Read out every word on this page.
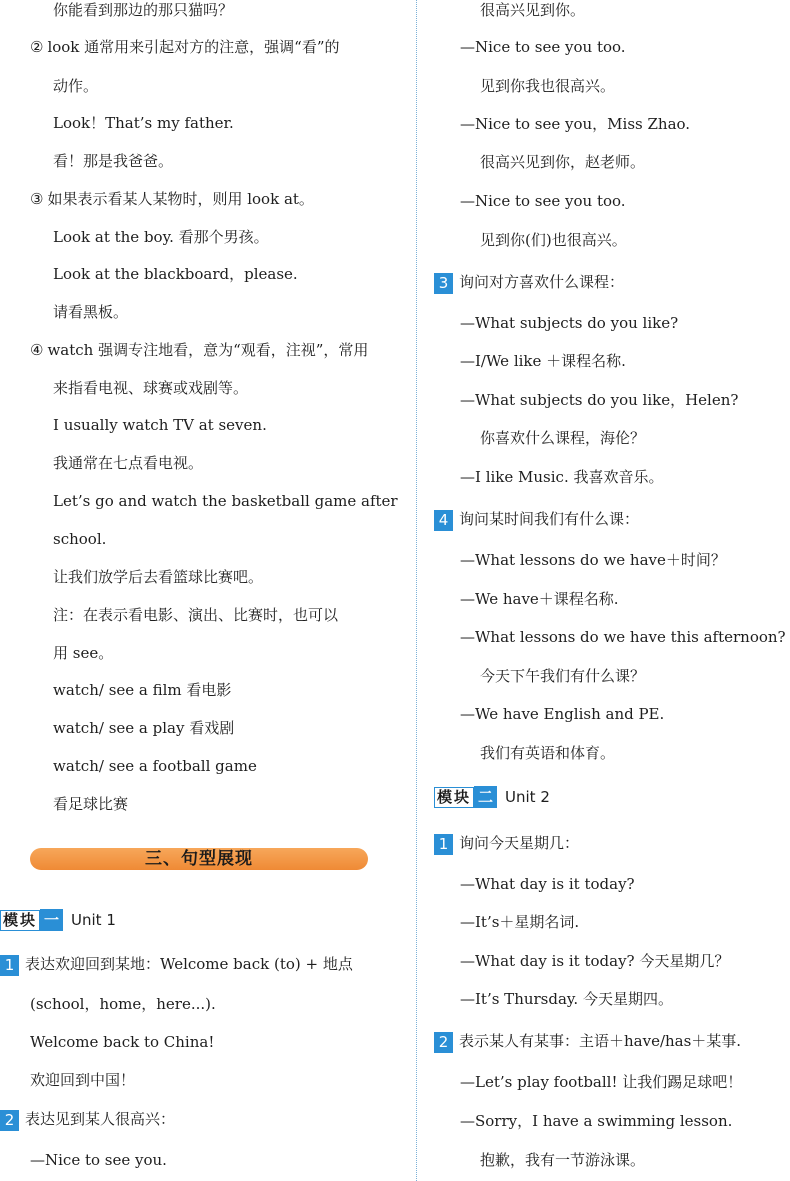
你能看到那边的那只猫吗？
② look 通常用来引起对方的注意，强调“看”的
动作。
Look！That’s my father.
看！那是我爸爸。
③ 如果表示看某人某物时，则用 look at。
Look at the boy. 看那个男孩。
Look at the blackboard，please.
请看黑板。
④ watch 强调专注地看，意为“观看，注视”，常用
来指看电视、球赛或戏剧等。
I usually watch TV at seven.
我通常在七点看电视。
Let’s go and watch the basketball game after
school.
让我们放学后去看篮球比赛吧。
注：在表示看电影、演出、比赛时，也可以
用 see。
watch/ see a film 看电影
watch/ see a play 看戏剧
watch/ see a football game
看足球比赛
三、句型展现
模块 一 Unit 1
1 表达欢迎回到某地：Welcome back (to) + 地点
(school，home，here...).
Welcome back to China!
欢迎回到中国！
2 表达见到某人很高兴：
—Nice to see you.
很高兴见到你。
—Nice to see you too.
见到你我也很高兴。
—Nice to see you，Miss Zhao.
很高兴见到你，赵老师。
—Nice to see you too.
见到你(们)也很高兴。
3 询问对方喜欢什么课程：
—What subjects do you like?
—I/We like ＋课程名称.
—What subjects do you like，Helen?
你喜欢什么课程，海伦？
—I like Music. 我喜欢音乐。
4 询问某时间我们有什么课：
—What lessons do we have＋时间？
—We have＋课程名称.
—What lessons do we have this afternoon?
今天下午我们有什么课？
—We have English and PE.
我们有英语和体育。
模块 二 Unit 2
1 询问今天星期几：
—What day is it today?
—It’s＋星期名词.
—What day is it today? 今天星期几？
—It’s Thursday. 今天星期四。
2 表示某人有某事：主语＋have/has＋某事.
—Let’s play football! 让我们踢足球吧！
—Sorry，I have a swimming lesson.
抱歉，我有一节游泳课。
